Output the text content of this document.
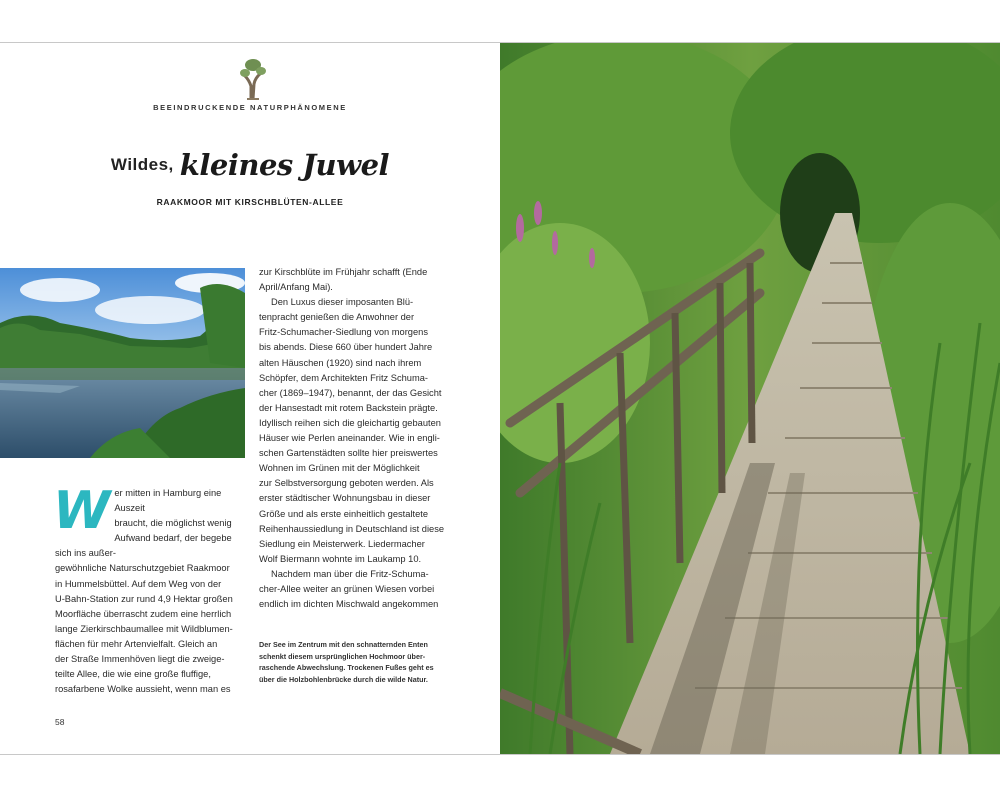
BEEINDRUCKENDE NATURPHÄNOMENE
Wildes, kleines Juwel
RAAKMOOR MIT KIRSCHBLÜTEN-ALLEE

zur Kirschblüte im Frühjahr schafft (Ende
April/Anfang Mai).

Den Luxus dieser imposanten Blü-
tenpracht genießen die Anwohner der
Fritz-Schumacher-Siedlung von morgens
bis abends. Diese 660 über hundert Jahre
alten Häuschen (1920) sind nach ihrem
Schöpfer, dem Architekten Fritz Schuma-
cher (1869–1947), benannt, der das Gesicht
der Hansestadt mit rotem Backstein prägte.
Idyllisch reihen sich die gleichartig gebauten
Häuser wie Perlen aneinander. Wie in engli-
schen Gartenstädten sollte hier preiswertes
Wohnen im Grünen mit der Möglichkeit
zur Selbstversorgung geboten werden. Als
erster städtischer Wohnungsbau in dieser
Größe und als erste einheitlich gestaltete
Reihenhaussiedlung in Deutschland ist diese
Siedlung ein Meisterwerk. Liedermacher
Wolf Biermann wohnte im Laukamp 10.

Nachdem man über die Fritz-Schuma-
cher-Allee weiter an grünen Wiesen vorbei
endlich im dichten Mischwald angekommen

W er mitten in Hamburg eine Auszeit
braucht, die möglichst wenig
Aufwand bedarf, der begebe sich ins außer-
gewöhnliche Naturschutzgebiet Raakmoor
in Hummelsbüttel. Auf dem Weg von der
U-Bahn-Station zur rund 4,9 Hektar großen
Moorfläche überrascht zudem eine herrlich
lange Zierkirschbaumallee mit Wildblumen-
flächen für mehr Artenvielfalt. Gleich an
der Straße Immenhöven liegt die zweige-
teilte Allee, die wie eine große fluffige,
rosafarbene Wolke aussieht, wenn man es
Der See im Zentrum mit den schnatternden Enten
schenkt diesem ursprünglichen Hochmoor über-
raschende Abwechslung. Trockenen Fußes geht es
über die Holzbohlenbrücke durch die wilde Natur.
58
